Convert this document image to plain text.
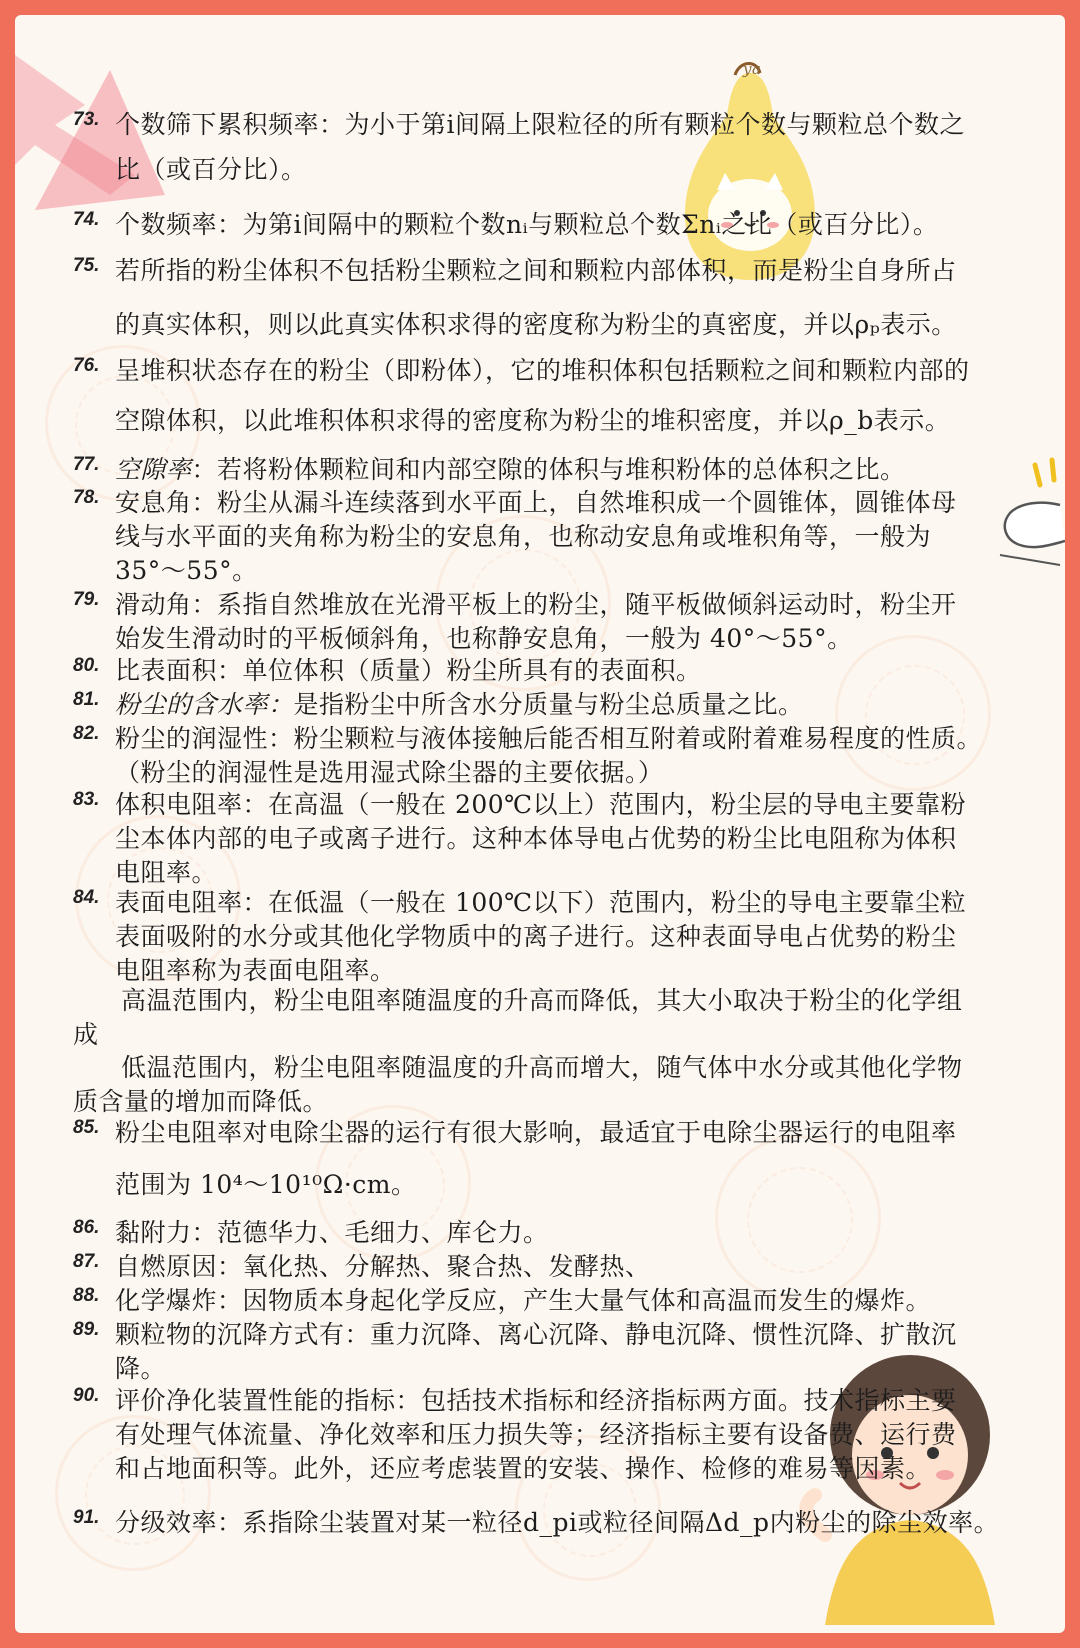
ya
73. 个数筛下累积频率：为小于第i间隔上限粒径的所有颗粒个数与颗粒总个数之
比（或百分比）。
74. 个数频率：为第i间隔中的颗粒个数nᵢ与颗粒总个数Σnᵢ之比（或百分比）。
75. 若所指的粉尘体积不包括粉尘颗粒之间和颗粒内部体积，而是粉尘自身所占
的真实体积，则以此真实体积求得的密度称为粉尘的真密度，并以ρₚ表示。
76. 呈堆积状态存在的粉尘（即粉体），它的堆积体积包括颗粒之间和颗粒内部的
空隙体积，以此堆积体积求得的密度称为粉尘的堆积密度，并以ρ_b表示。
77. 空隙率：若将粉体颗粒间和内部空隙的体积与堆积粉体的总体积之比。
78. 安息角：粉尘从漏斗连续落到水平面上，自然堆积成一个圆锥体，圆锥体母
线与水平面的夹角称为粉尘的安息角，也称动安息角或堆积角等，一般为
35°～55°。
79. 滑动角：系指自然堆放在光滑平板上的粉尘，随平板做倾斜运动时，粉尘开
始发生滑动时的平板倾斜角，也称静安息角，一般为 40°～55°。
80. 比表面积：单位体积（质量）粉尘所具有的表面积。
81. 粉尘的含水率：是指粉尘中所含水分质量与粉尘总质量之比。
82. 粉尘的润湿性：粉尘颗粒与液体接触后能否相互附着或附着难易程度的性质。
（粉尘的润湿性是选用湿式除尘器的主要依据。）
83. 体积电阻率：在高温（一般在 200℃以上）范围内，粉尘层的导电主要靠粉
尘本体内部的电子或离子进行。这种本体导电占优势的粉尘比电阻称为体积
电阻率。
84. 表面电阻率：在低温（一般在 100℃以下）范围内，粉尘的导电主要靠尘粒
表面吸附的水分或其他化学物质中的离子进行。这种表面导电占优势的粉尘
电阻率称为表面电阻率。
高温范围内，粉尘电阻率随温度的升高而降低，其大小取决于粉尘的化学组
成
低温范围内，粉尘电阻率随温度的升高而增大，随气体中水分或其他化学物
质含量的增加而降低。
85. 粉尘电阻率对电除尘器的运行有很大影响，最适宜于电除尘器运行的电阻率
范围为 10⁴～10¹⁰Ω·cm。
86. 黏附力：范德华力、毛细力、库仑力。
87. 自燃原因：氧化热、分解热、聚合热、发酵热、
88. 化学爆炸：因物质本身起化学反应，产生大量气体和高温而发生的爆炸。
89. 颗粒物的沉降方式有：重力沉降、离心沉降、静电沉降、惯性沉降、扩散沉
降。
90. 评价净化装置性能的指标：包括技术指标和经济指标两方面。技术指标主要
有处理气体流量、净化效率和压力损失等；经济指标主要有设备费、运行费
和占地面积等。此外，还应考虑装置的安装、操作、检修的难易等因素。
91. 分级效率：系指除尘装置对某一粒径d_pi或粒径间隔Δd_p内粉尘的除尘效率。
